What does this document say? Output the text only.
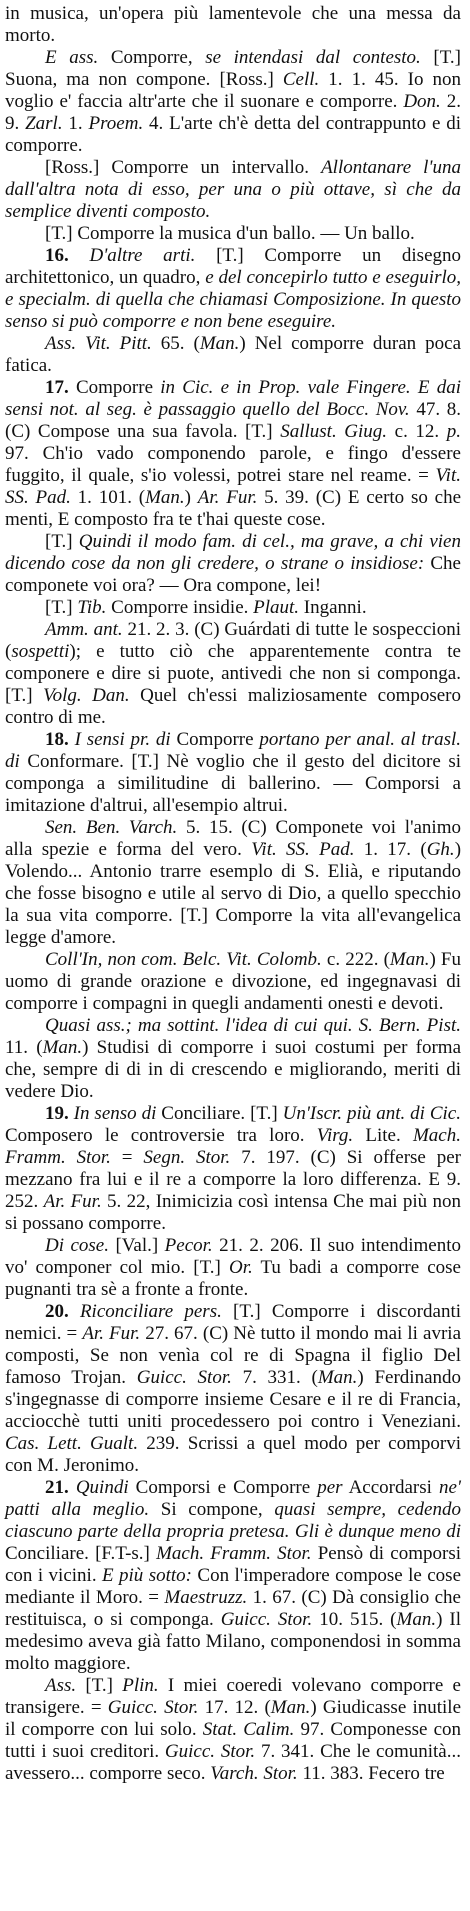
in musica, un'opera più lamentevole che una messa da morto.

E ass. Comporre, se intendasi dal contesto. [T.] Suona, ma non compone. [Ross.] Cell. 1. 1. 45. Io non voglio e' faccia altr'arte che il suonare e comporre. Don. 2. 9. Zarl. 1. Proem. 4. L'arte ch'è detta del contrappunto e di comporre.

[Ross.] Comporre un intervallo. Allontanare l'una dall'altra nota di esso, per una o più ottave, sì che da semplice diventi composto.

[T.] Comporre la musica d'un ballo. — Un ballo.

16. D'altre arti. [T.] Comporre un disegno architettonico, un quadro, e del concepirlo tutto e eseguirlo, e specialm. di quella che chiamasi Composizione. In questo senso si può comporre e non bene eseguire.

Ass. Vit. Pitt. 65. (Man.) Nel comporre duran poca fatica.

17. Comporre in Cic. e in Prop. vale Fingere. E dai sensi not. al seg. è passaggio quello del Bocc. Nov. 47. 8. (C) Compose una sua favola. [T.] Sallust. Giug. c. 12. p. 97. Ch'io vado componendo parole, e fingo d'essere fuggito, il quale, s'io volessi, potrei stare nel reame. = Vit. SS. Pad. 1. 101. (Man.) Ar. Fur. 5. 39. (C) E certo so che menti, E composto fra te t'hai queste cose.

[T.] Quindi il modo fam. di cel., ma grave, a chi vien dicendo cose da non gli credere, o strane o insidiose: Che componete voi ora? — Ora compone, lei!

[T.] Tib. Comporre insidie. Plaut. Inganni.

Amm. ant. 21. 2. 3. (C) Guárdati di tutte le sospeccioni (sospetti); e tutto ciò che apparentemente contra te componere e dire si puote, antivedi che non si componga. [T.] Volg. Dan. Quel ch'essi maliziosamente composero contro di me.

18. I sensi pr. di Comporre portano per anal. al trasl. di Conformare. [T.] Nè voglio che il gesto del dicitore si componga a similitudine di ballerino. — Comporsi a imitazione d'altrui, all'esempio altrui.

Sen. Ben. Varch. 5. 15. (C) Componete voi l'animo alla spezie e forma del vero. Vit. SS. Pad. 1. 17. (Gh.) Volendo... Antonio trarre esemplo di S. Elià, e riputando che fosse bisogno e utile al servo di Dio, a quello specchio la sua vita comporre. [T.] Comporre la vita all'evangelica legge d'amore.

Coll'In, non com. Belc. Vit. Colomb. c. 222. (Man.) Fu uomo di grande orazione e divozione, ed ingegnavasi di comporre i compagni in quegli andamenti onesti e devoti.

Quasi ass.; ma sottint. l'idea di cui qui. S. Bern. Pist. 11. (Man.) Studisi di comporre i suoi costumi per forma che, sempre di di in di crescendo e migliorando, meriti di vedere Dio.

19. In senso di Conciliare. [T.] Un'Iscr. più ant. di Cic. Composero le controversie tra loro. Virg. Lite. Mach. Framm. Stor. = Segn. Stor. 7. 197. (C) Si offerse per mezzano fra lui e il re a comporre la loro differenza. E 9. 252. Ar. Fur. 5. 22, Inimicizia così intensa Che mai più non si possano comporre.

Di cose. [Val.] Pecor. 21. 2. 206. Il suo intendimento vo' componer col mio. [T.] Or. Tu badi a comporre cose pugnanti tra sè a fronte a fronte.

20. Riconciliare pers. [T.] Comporre i discordanti nemici. = Ar. Fur. 27. 67. (C) Nè tutto il mondo mai li avria composti, Se non venìa col re di Spagna il figlio Del famoso Trojan. Guicc. Stor. 7. 331. (Man.) Ferdinando s'ingegnasse di comporre insieme Cesare e il re di Francia, acciocchè tutti uniti procedessero poi contro i Veneziani. Cas. Lett. Gualt. 239. Scrissi a quel modo per comporvi con M. Jeronimo.

21. Quindi Comporsi e Comporre per Accordarsi ne' patti alla meglio. Si compone, quasi sempre, cedendo ciascuno parte della propria pretesa. Gli è dunque meno di Conciliare. [F.T-s.] Mach. Framm. Stor. Pensò di comporsi con i vicini. E più sotto: Con l'imperadore compose le cose mediante il Moro. = Maestruzz. 1. 67. (C) Dà consiglio che restituisca, o si componga. Guicc. Stor. 10. 515. (Man.) Il medesimo aveva già fatto Milano, componendosi in somma molto maggiore.

Ass. [T.] Plin. I miei coeredi volevano comporre e transigere. = Guicc. Stor. 17. 12. (Man.) Giudicasse inutile il comporre con lui solo. Stat. Calim. 97. Componesse con tutti i suoi creditori. Guicc. Stor. 7. 341. Che le comunità... avessero... comporre seco. Varch. Stor. 11. 383. Fecero tre
